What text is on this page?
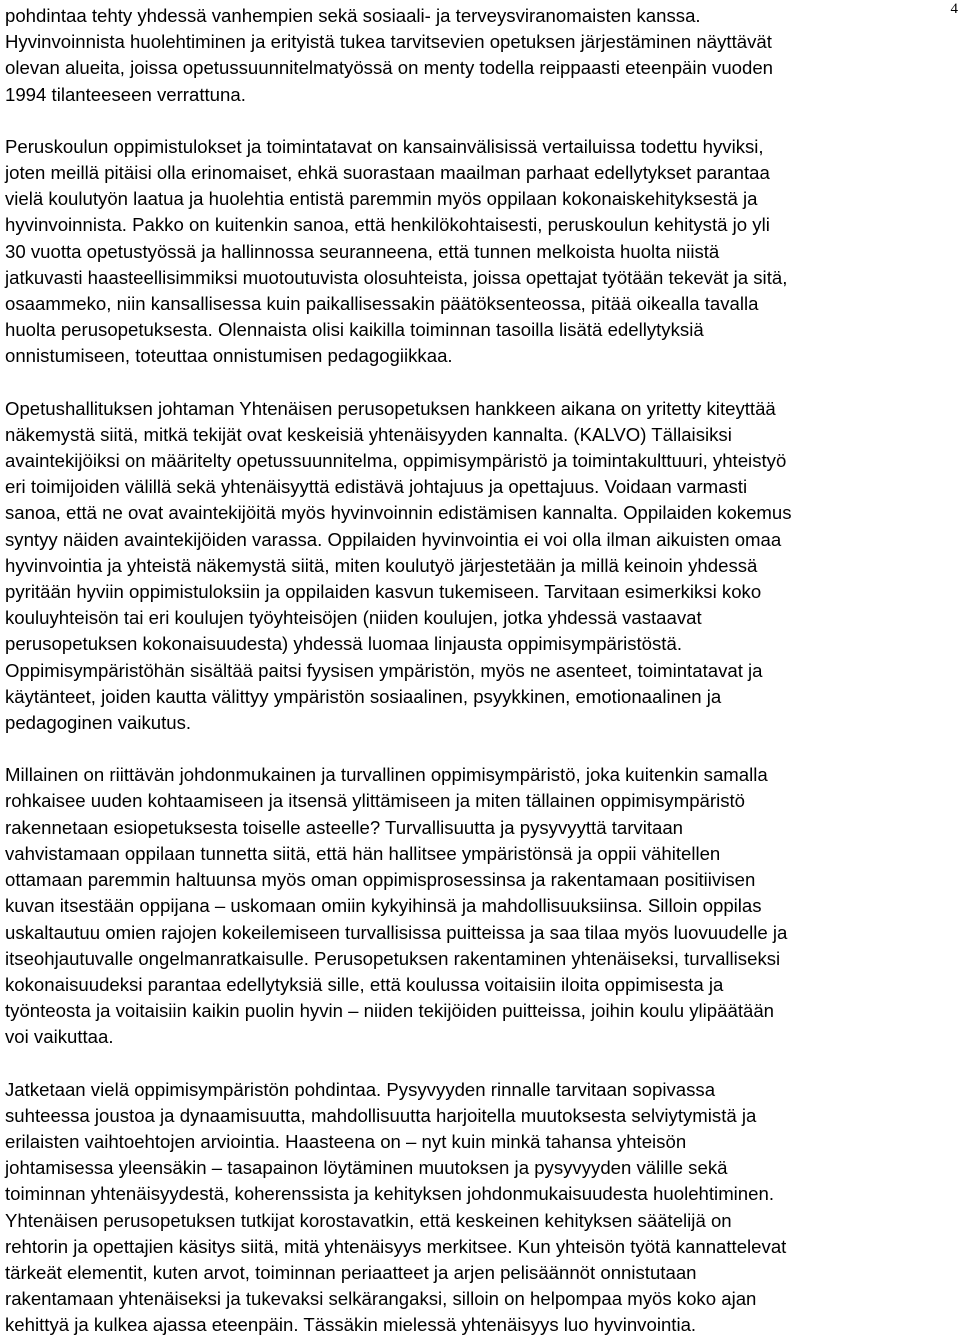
4

pohdintaa tehty yhdessä vanhempien sekä sosiaali- ja terveysviranomaisten kanssa.
Hyvinvoinnista huolehtiminen ja erityistä tukea tarvitsevien opetuksen järjestäminen näyttävät
olevan alueita, joissa opetussuunnitelmatyössä on menty todella reippaasti eteenpäin vuoden
1994 tilanteeseen verrattuna.

Peruskoulun oppimistulokset ja toimintatavat on kansainvälisissä vertailuissa todettu hyviksi,
joten meillä pitäisi olla erinomaiset, ehkä suorastaan maailman parhaat edellytykset parantaa
vielä koulutyön laatua ja huolehtia entistä paremmin myös oppilaan kokonaiskehityksestä ja
hyvinvoinnista. Pakko on kuitenkin sanoa, että henkilökohtaisesti, peruskoulun kehitystä jo yli
30 vuotta opetustyössä ja hallinnossa seuranneena, että tunnen melkoista huolta niistä
jatkuvasti haasteellisimmiksi muotoutuvista olosuhteista, joissa opettajat työtään tekevät ja sitä,
osaammeko, niin kansallisessa kuin paikallisessakin päätöksenteossa, pitää oikealla tavalla
huolta perusopetuksesta. Olennaista olisi kaikilla toiminnan tasoilla lisätä edellytyksiä
onnistumiseen, toteuttaa onnistumisen pedagogiikkaa.

Opetushallituksen johtaman Yhtenäisen perusopetuksen hankkeen aikana on yritetty kiteyttää
näkemystä siitä, mitkä tekijät ovat keskeisiä yhtenäisyyden kannalta. (KALVO) Tällaisiksi
avaintekijöiksi on määritelty opetussuunnitelma, oppimisympäristö ja toimintakulttuuri, yhteistyö
eri toimijoiden välillä sekä yhtenäisyyttä edistävä johtajuus ja opettajuus. Voidaan varmasti
sanoa, että ne ovat avaintekijöitä myös hyvinvoinnin edistämisen kannalta. Oppilaiden kokemus
syntyy näiden avaintekijöiden varassa. Oppilaiden hyvinvointia ei voi olla ilman aikuisten omaa
hyvinvointia ja yhteistä näkemystä siitä, miten koulutyö järjestetään ja millä keinoin yhdessä
pyritään hyviin oppimistuloksiin ja oppilaiden kasvun tukemiseen. Tarvitaan esimerkiksi koko
kouluyhteisön tai eri koulujen työyhteisöjen (niiden koulujen, jotka yhdessä vastaavat
perusopetuksen kokonaisuudesta) yhdessä luomaa linjausta oppimisympäristöstä.
Oppimisympäristöhän sisältää paitsi fyysisen ympäristön, myös ne asenteet, toimintatavat ja
käytänteet, joiden kautta välittyy ympäristön sosiaalinen, psyykkinen, emotionaalinen ja
pedagoginen vaikutus.

Millainen on riittävän johdonmukainen ja turvallinen oppimisympäristö, joka kuitenkin samalla
rohkaisee uuden kohtaamiseen ja itsensä ylittämiseen ja miten tällainen oppimisympäristö
rakennetaan esiopetuksesta toiselle asteelle? Turvallisuutta ja pysyvyyttä tarvitaan
vahvistamaan oppilaan tunnetta siitä, että hän hallitsee ympäristönsä ja oppii vähitellen
ottamaan paremmin haltuunsa myös oman oppimisprosessinsa ja rakentamaan positiivisen
kuvan itsestään oppijana – uskomaan omiin kykyihinsä ja mahdollisuuksiinsa. Silloin oppilas
uskaltautuu omien rajojen kokeilemiseen turvallisissa puitteissa ja saa tilaa myös luovuudelle ja
itseohjautuvalle ongelmanratkaisulle. Perusopetuksen rakentaminen yhtenäiseksi, turvalliseksi
kokonaisuudeksi parantaa edellytyksiä sille, että koulussa voitaisiin iloita oppimisesta ja
työnteosta ja voitaisiin kaikin puolin hyvin – niiden tekijöiden puitteissa, joihin koulu ylipäätään
voi vaikuttaa.

Jatketaan vielä oppimisympäristön pohdintaa. Pysyvyyden rinnalle tarvitaan sopivassa
suhteessa joustoa ja dynaamisuutta, mahdollisuutta harjoitella muutoksesta selviytymistä ja
erilaisten vaihtoehtojen arviointia. Haasteena on – nyt kuin minkä tahansa yhteisön
johtamisessa yleensäkin – tasapainon löytäminen muutoksen ja pysyvyyden välille sekä
toiminnan yhtenäisyydestä, koherenssista ja kehityksen johdonmukaisuudesta huolehtiminen.
Yhtenäisen perusopetuksen tutkijat korostavatkin, että keskeinen kehityksen säätelijä on
rehtorin ja opettajien käsitys siitä, mitä yhtenäisyys merkitsee. Kun yhteisön työtä kannattelevat
tärkeät elementit, kuten arvot, toiminnan periaatteet ja arjen pelisäännöt onnistutaan
rakentamaan yhtenäiseksi ja tukevaksi selkärangaksi, silloin on helpompaa myös koko ajan
kehittyä ja kulkea ajassa eteenpäin. Tässäkin mielessä yhtenäisyys luo hyvinvointia.
